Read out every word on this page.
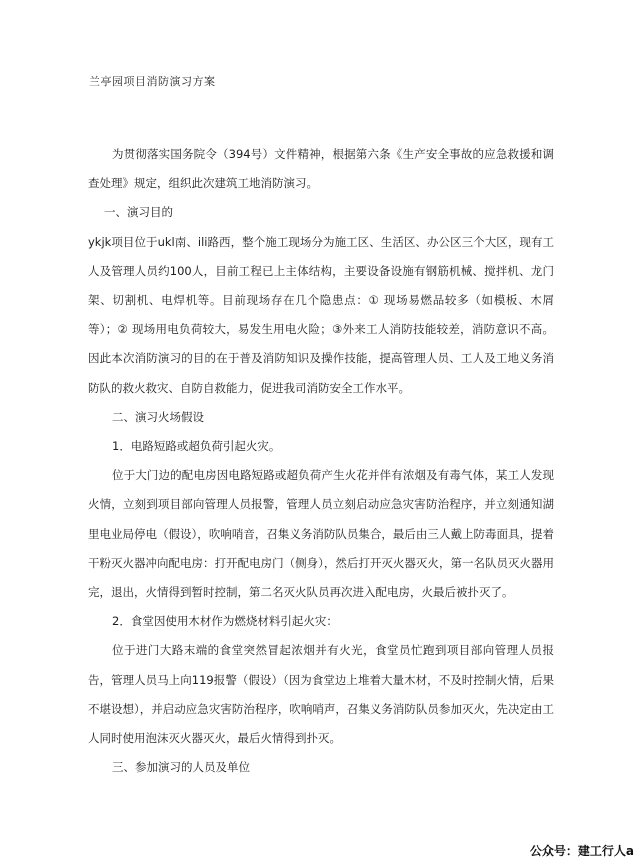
兰亭园项目消防演习方案

为贯彻落实国务院令（394号）文件精神，根据第六条《生产安全事故的应急救援和调查处理》规定，组织此次建筑工地消防演习。

一、演习目的

ykjk项目位于ukl南、ili路西，整个施工现场分为施工区、生活区、办公区三个大区，现有工人及管理人员约100人，目前工程已上主体结构，主要设备设施有钢筋机械、搅拌机、龙门架、切割机、电焊机等。目前现场存在几个隐患点：① 现场易燃品较多（如模板、木屑等）；② 现场用电负荷较大，易发生用电火险；③外来工人消防技能较差，消防意识不高。因此本次消防演习的目的在于普及消防知识及操作技能，提高管理人员、工人及工地义务消防队的救火救灾、自防自救能力，促进我司消防安全工作水平。

二、演习火场假设

1．电路短路或超负荷引起火灾。

位于大门边的配电房因电路短路或超负荷产生火花并伴有浓烟及有毒气体，某工人发现火情，立刻到项目部向管理人员报警，管理人员立刻启动应急灾害防治程序，并立刻通知湖里电业局停电（假设），吹响哨音，召集义务消防队员集合，最后由三人戴上防毒面具，提着干粉灭火器冲向配电房：打开配电房门（侧身），然后打开灭火器灭火，第一名队员灭火器用完，退出，火情得到暂时控制，第二名灭火队员再次进入配电房，火最后被扑灭了。

2．食堂因使用木材作为燃烧材料引起火灾：

位于进门大路末端的食堂突然冒起浓烟并有火光，食堂员忙跑到项目部向管理人员报告，管理人员马上向119报警（假设）（因为食堂边上堆着大量木材，不及时控制火情，后果不堪设想），并启动应急灾害防治程序，吹响哨声，召集义务消防队员参加灭火，先决定由工人同时使用泡沫灭火器灭火，最后火情得到扑灭。

三、参加演习的人员及单位

公众号：建工行人a
